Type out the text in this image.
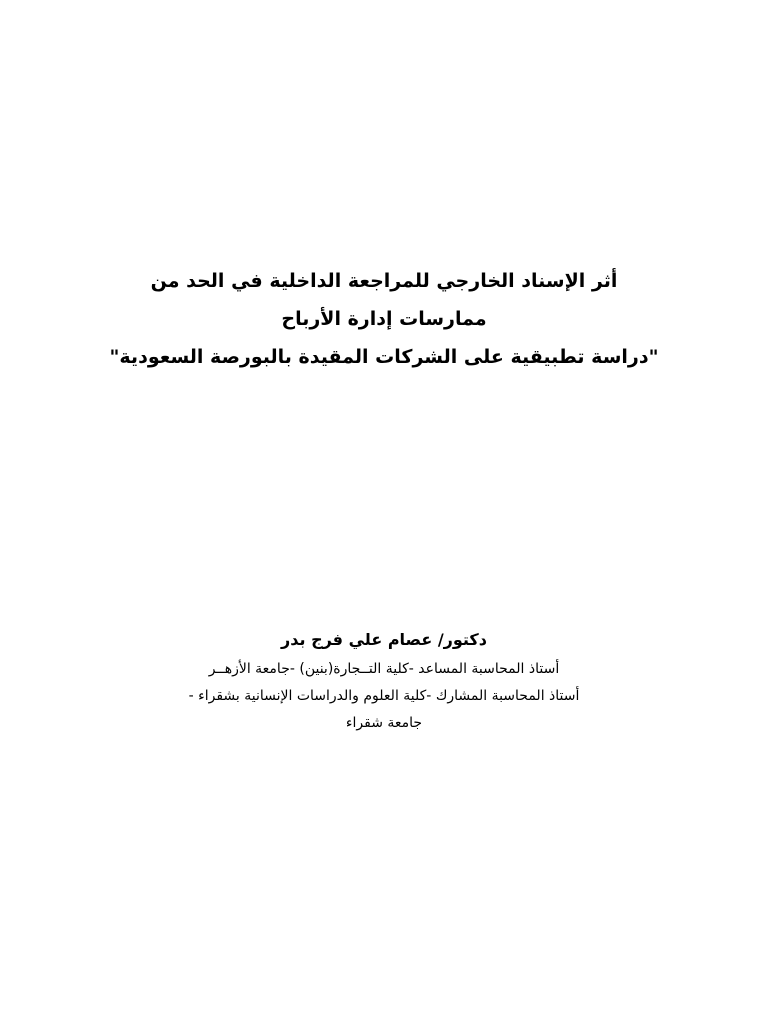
أثر الإسناد الخارجي للمراجعة الداخلية في الحد من

ممارسات إدارة الأرباح

"دراسة تطبيقية على الشركات المقيدة بالبورصة السعودية"

دكتور/ عصام علي فرج بدر

أستاذ المحاسبة المساعد -كلية التــجارة(بنين) -جامعة الأزهــر

أستاذ المحاسبة المشارك -كلية العلوم والدراسات الإنسانية بشقراء -

جامعة شقراء
